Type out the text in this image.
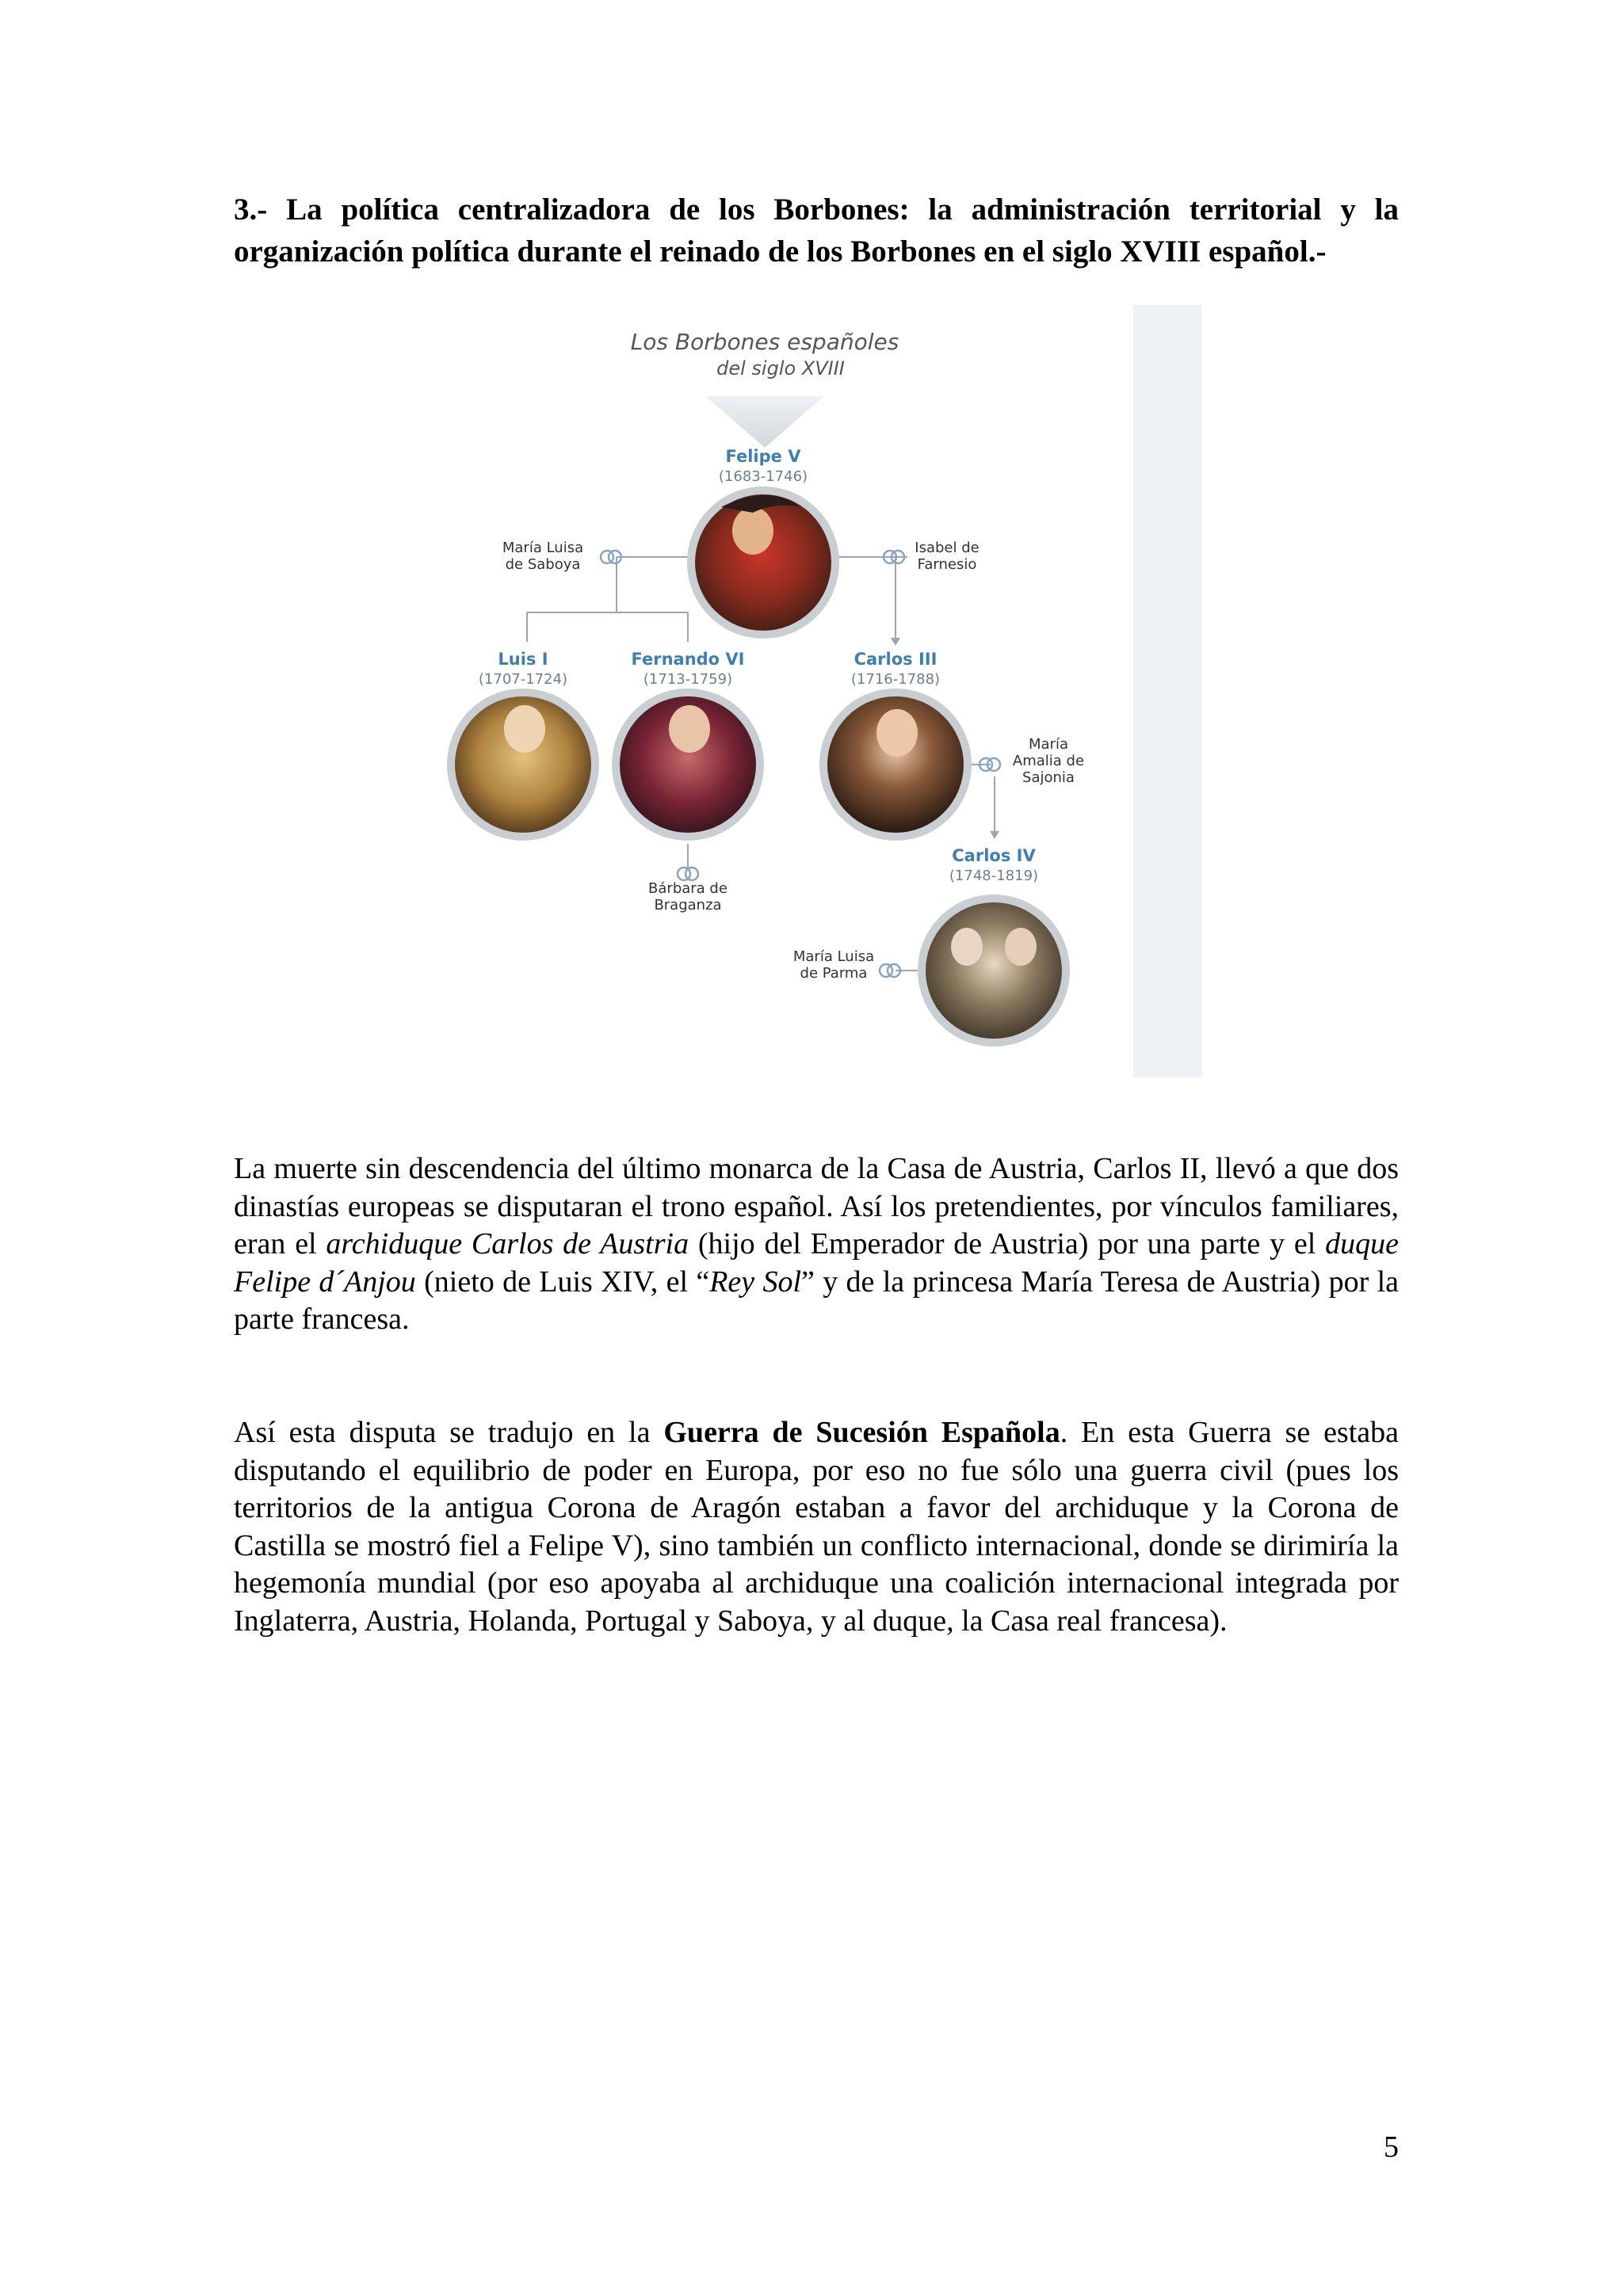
3.- La política centralizadora de los Borbones: la administración territorial y la organización política durante el reinado de los Borbones en el siglo XVIII español.-
Los Borbones españoles
del siglo XVIII
Felipe V
(1683-1746)
María Luisa
de Saboya
Isabel de
Farnesio
Luis I
(1707-1724)
Fernando VI
(1713-1759)
Carlos III
(1716-1788)
María
Amalia de
Sajonia
Bárbara de
Braganza
Carlos IV
(1748-1819)
María Luisa
de Parma

La muerte sin descendencia del último monarca de la Casa de Austria, Carlos II, llevó a que dos dinastías europeas se disputaran el trono español. Así los pretendientes, por vínculos familiares, eran el archiduque Carlos de Austria (hijo del Emperador de Austria) por una parte y el duque Felipe d´Anjou (nieto de Luis XIV, el “Rey Sol” y de la princesa María Teresa de Austria) por la parte francesa.

Así esta disputa se tradujo en la Guerra de Sucesión Española. En esta Guerra se estaba disputando el equilibrio de poder en Europa, por eso no fue sólo una guerra civil (pues los territorios de la antigua Corona de Aragón estaban a favor del archiduque y la Corona de Castilla se mostró fiel a Felipe V), sino también un conflicto internacional, donde se dirimiría la hegemonía mundial (por eso apoyaba al archiduque una coalición internacional integrada por Inglaterra, Austria, Holanda, Portugal y Saboya, y al duque, la Casa real francesa).

5
